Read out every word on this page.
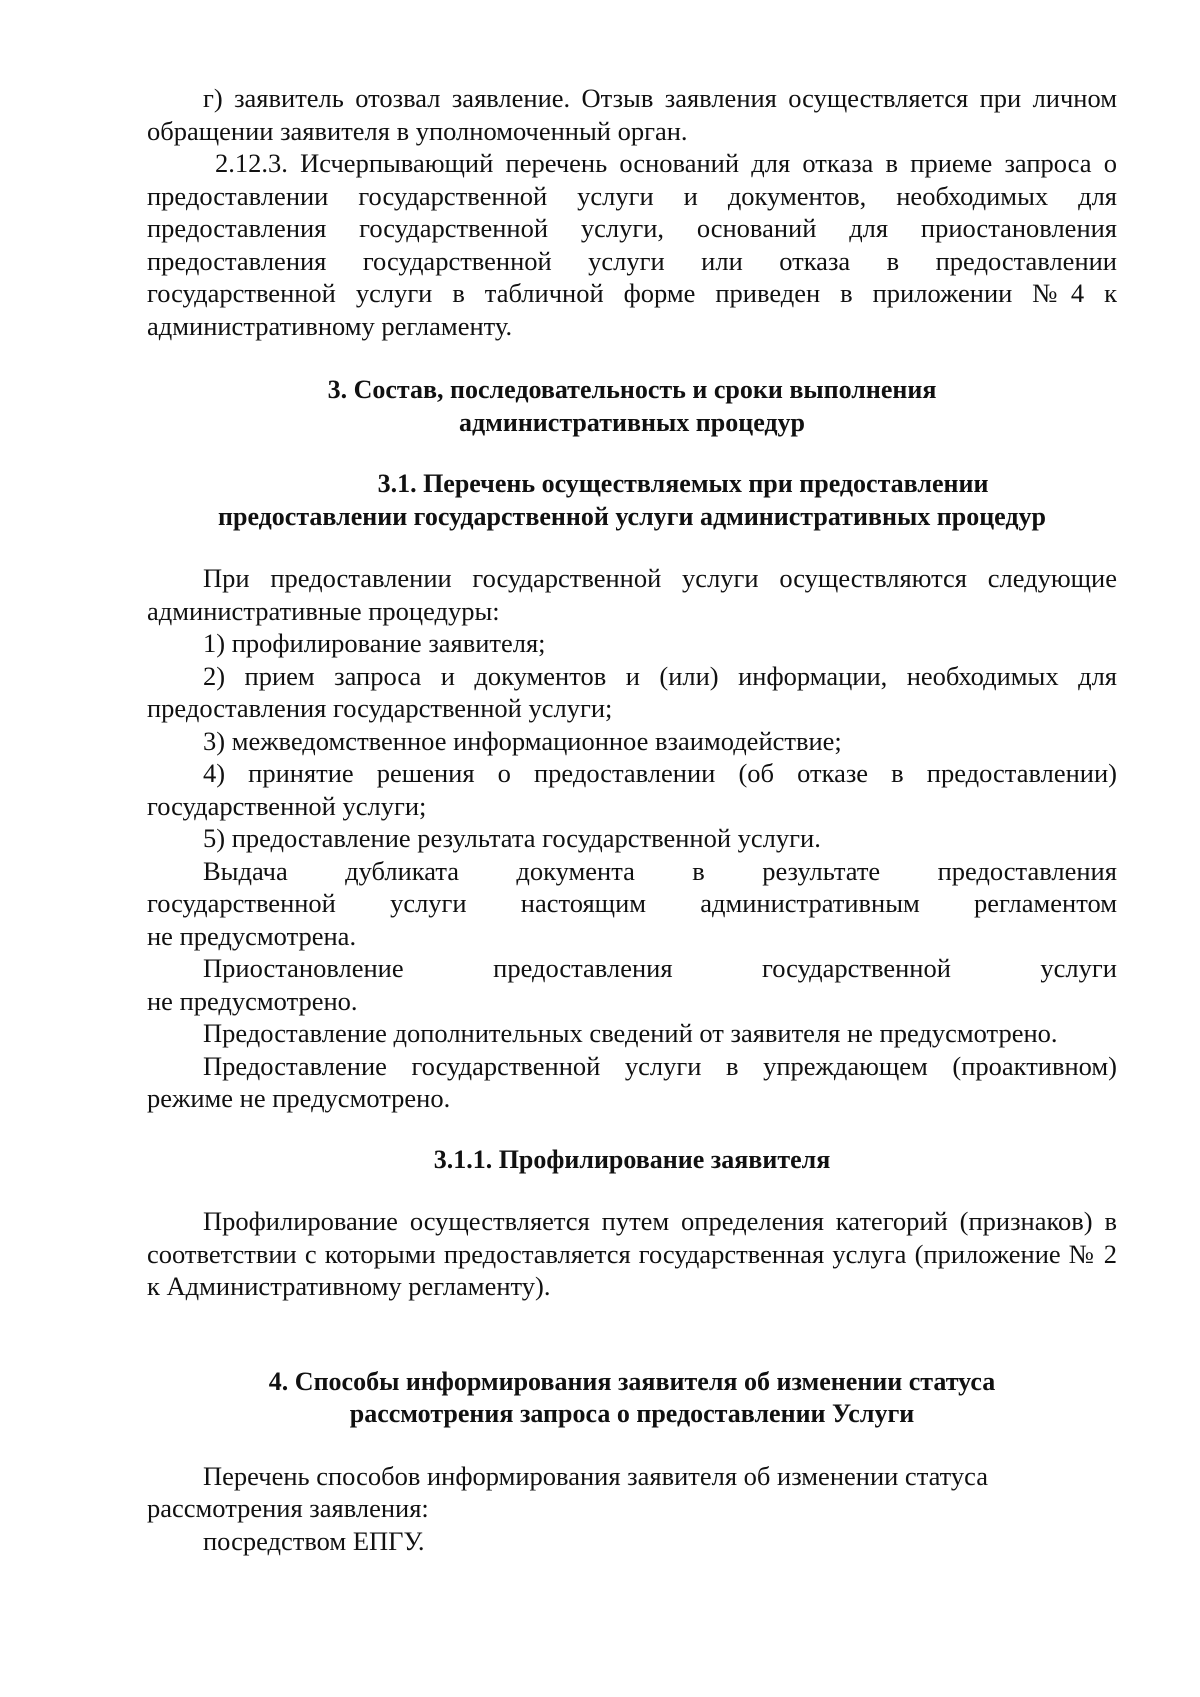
г) заявитель отозвал заявление. Отзыв заявления осуществляется при личном обращении заявителя в уполномоченный орган.

2.12.3. Исчерпывающий перечень оснований для отказа в приеме запроса о предоставлении государственной услуги и документов, необходимых для предоставления государственной услуги, оснований для приостановления предоставления государственной услуги или отказа в предоставлении государственной услуги в табличной форме приведен в приложении №4 к административному регламенту.

3. Состав, последовательность и сроки выполнения

административных процедур

3.1. Перечень осуществляемых при предоставлении

предоставлении государственной услуги административных процедур

При предоставлении государственной услуги осуществляются следующие административные процедуры:

1) профилирование заявителя;

2) прием запроса и документов и (или) информации, необходимых для предоставления государственной услуги;

3) межведомственное информационное взаимодействие;

4) принятие решения о предоставлении (об отказе в предоставлении) государственной услуги;

5) предоставление результата государственной услуги.

Выдача дубликата документа в результате предоставления
государственной услуги настоящим административным регламентом

не предусмотрена.

Приостановление	предоставления	государственной	услуги

не предусмотрено.

Предоставление дополнительных сведений от заявителя не предусмотрено.

Предоставление государственной услуги в упреждающем (проактивном) режиме не предусмотрено.

3.1.1. Профилирование заявителя

Профилирование осуществляется путем определения категорий (признаков) в соответствии с которыми предоставляется государственная услуга (приложение № 2 к Административному регламенту).

4. Способы информирования заявителя об изменении статуса

рассмотрения запроса о предоставлении Услуги

Перечень способов информирования заявителя об изменении статуса рассмотрения заявления:

посредством ЕПГУ.
